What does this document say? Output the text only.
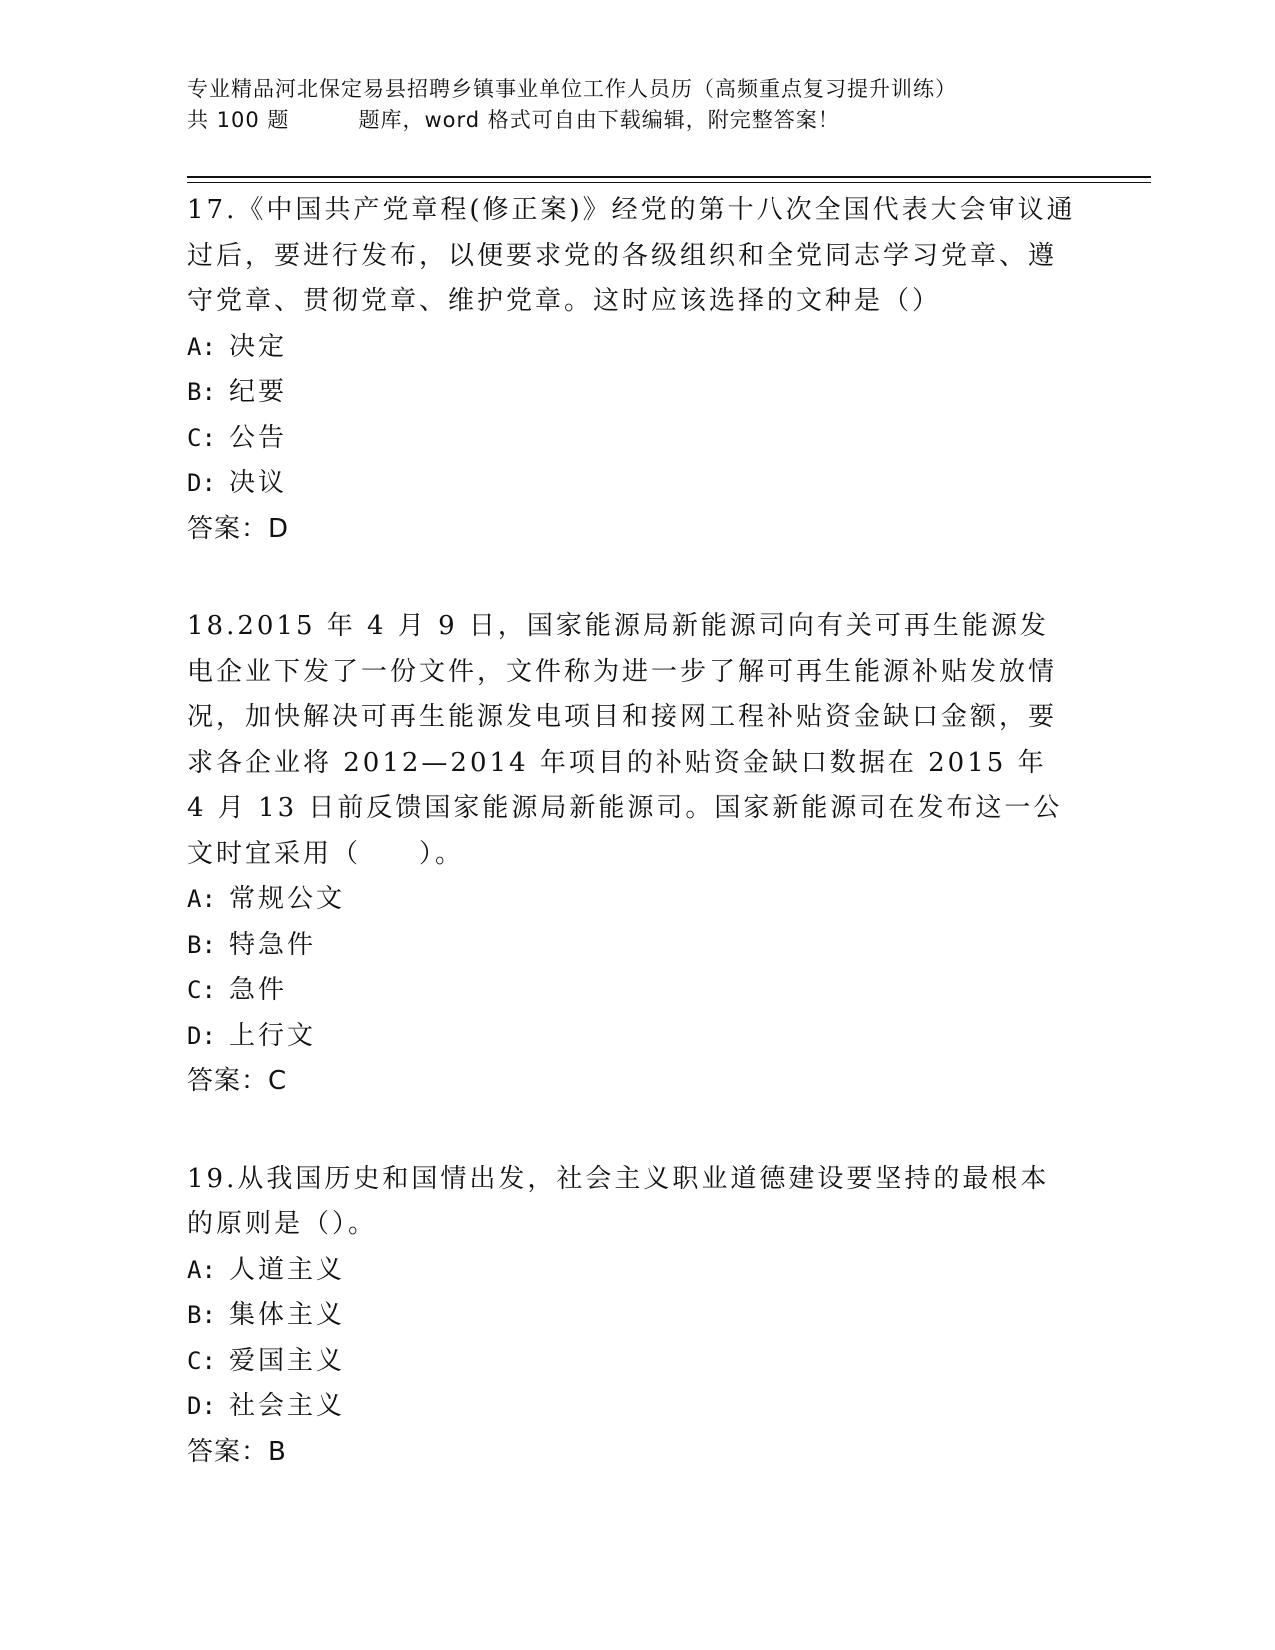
专业精品河北保定易县招聘乡镇事业单位工作人员历（高频重点复习提升训练）
共 100 题         题库，word 格式可自由下载编辑，附完整答案！

17.《中国共产党章程(修正案)》经党的第十八次全国代表大会审议通过后，要进行发布，以便要求党的各级组织和全党同志学习党章、遵守党章、贯彻党章、维护党章。这时应该选择的文种是（）

A: 决定
B: 纪要
C: 公告
D: 决议
答案：D

18.2015 年 4 月 9 日，国家能源局新能源司向有关可再生能源发电企业下发了一份文件，文件称为进一步了解可再生能源补贴发放情况，加快解决可再生能源发电项目和接网工程补贴资金缺口金额，要求各企业将 2012—2014 年项目的补贴资金缺口数据在 2015 年 4 月 13 日前反馈国家能源局新能源司。国家新能源司在发布这一公文时宜采用（　　）。

A: 常规公文
B: 特急件
C: 急件
D: 上行文
答案：C

19.从我国历史和国情出发，社会主义职业道德建设要坚持的最根本的原则是（）。

A: 人道主义
B: 集体主义
C: 爱国主义
D: 社会主义
答案：B
